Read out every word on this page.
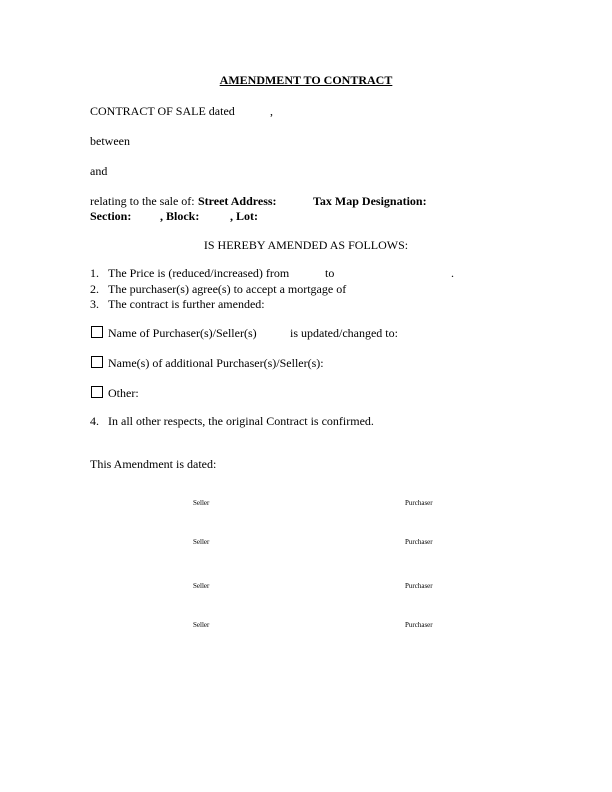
AMENDMENT TO CONTRACT
CONTRACT OF SALE dated	,
between
and
relating to the sale of: Street Address:	Tax Map Designation:
Section: , Block:	, Lot:
IS HEREBY AMENDED AS FOLLOWS:
1. The Price is (reduced/increased) from	to	.
2. The purchaser(s) agree(s) to accept a mortgage of
3. The contract is further amended:
Name of Purchaser(s)/Seller(s)	is updated/changed to:
Name(s) of additional Purchaser(s)/Seller(s):
Other:
4. In all other respects, the original Contract is confirmed.
This Amendment is dated:
Seller	Purchaser
Seller	Purchaser
Seller	Purchaser
Seller	Purchaser
